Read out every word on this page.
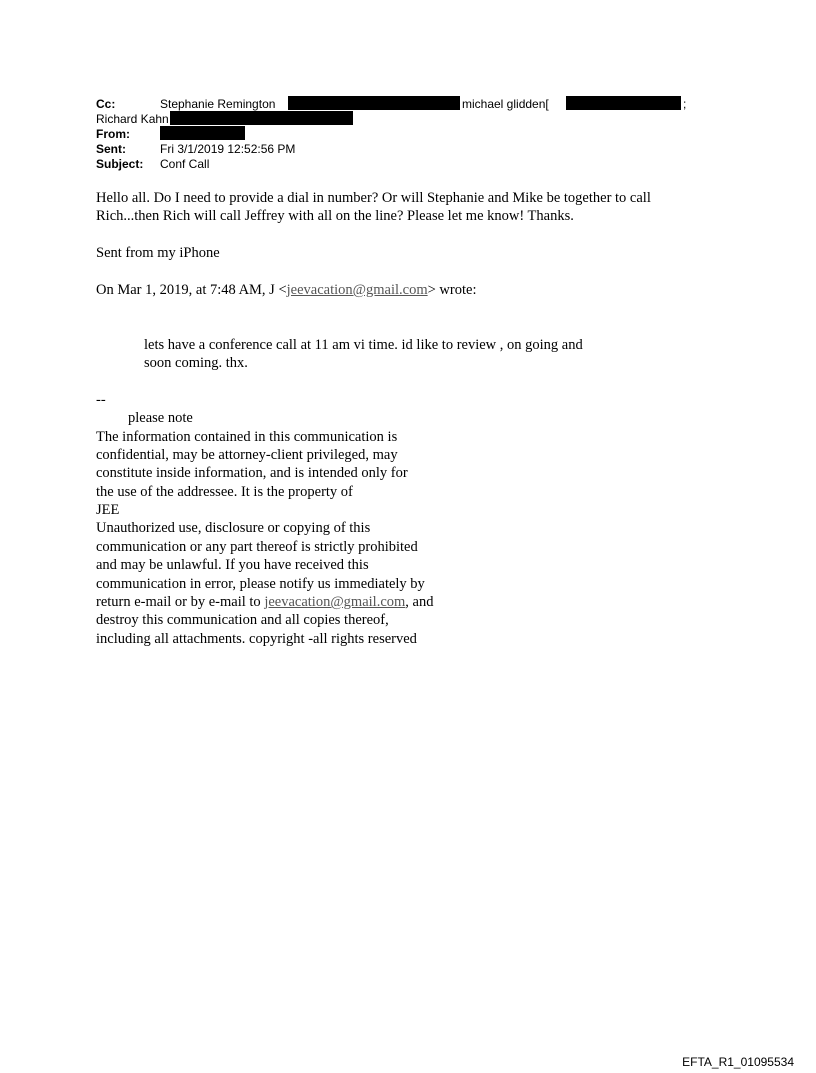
Cc:	Stephanie Remington	michael glidden[	;
Richard Kahn
From:
Sent:	Fri 3/1/2019 12:52:56 PM
Subject: Conf Call
Hello all. Do I need to provide a dial in number? Or will Stephanie and Mike be together to call
Rich...then Rich will call Jeffrey with all on the line? Please let me know! Thanks.
Sent from my iPhone
On Mar 1, 2019, at 7:48 AM, J <jeevacation@gmail.com> wrote:
lets have a conference call at 11 am vi time. id like to review , on going and
soon coming. thx.
--
please note
The information contained in this communication is
confidential, may be attorney-client privileged, may
constitute inside information, and is intended only for
the use of the addressee. It is the property of
JEE
Unauthorized use, disclosure or copying of this
communication or any part thereof is strictly prohibited
and may be unlawful. If you have received this
communication in error, please notify us immediately by
return e-mail or by e-mail to jeevacation@gmail.com, and
destroy this communication and all copies thereof,
including all attachments. copyright -all rights reserved
EFTA_R1_01095534
